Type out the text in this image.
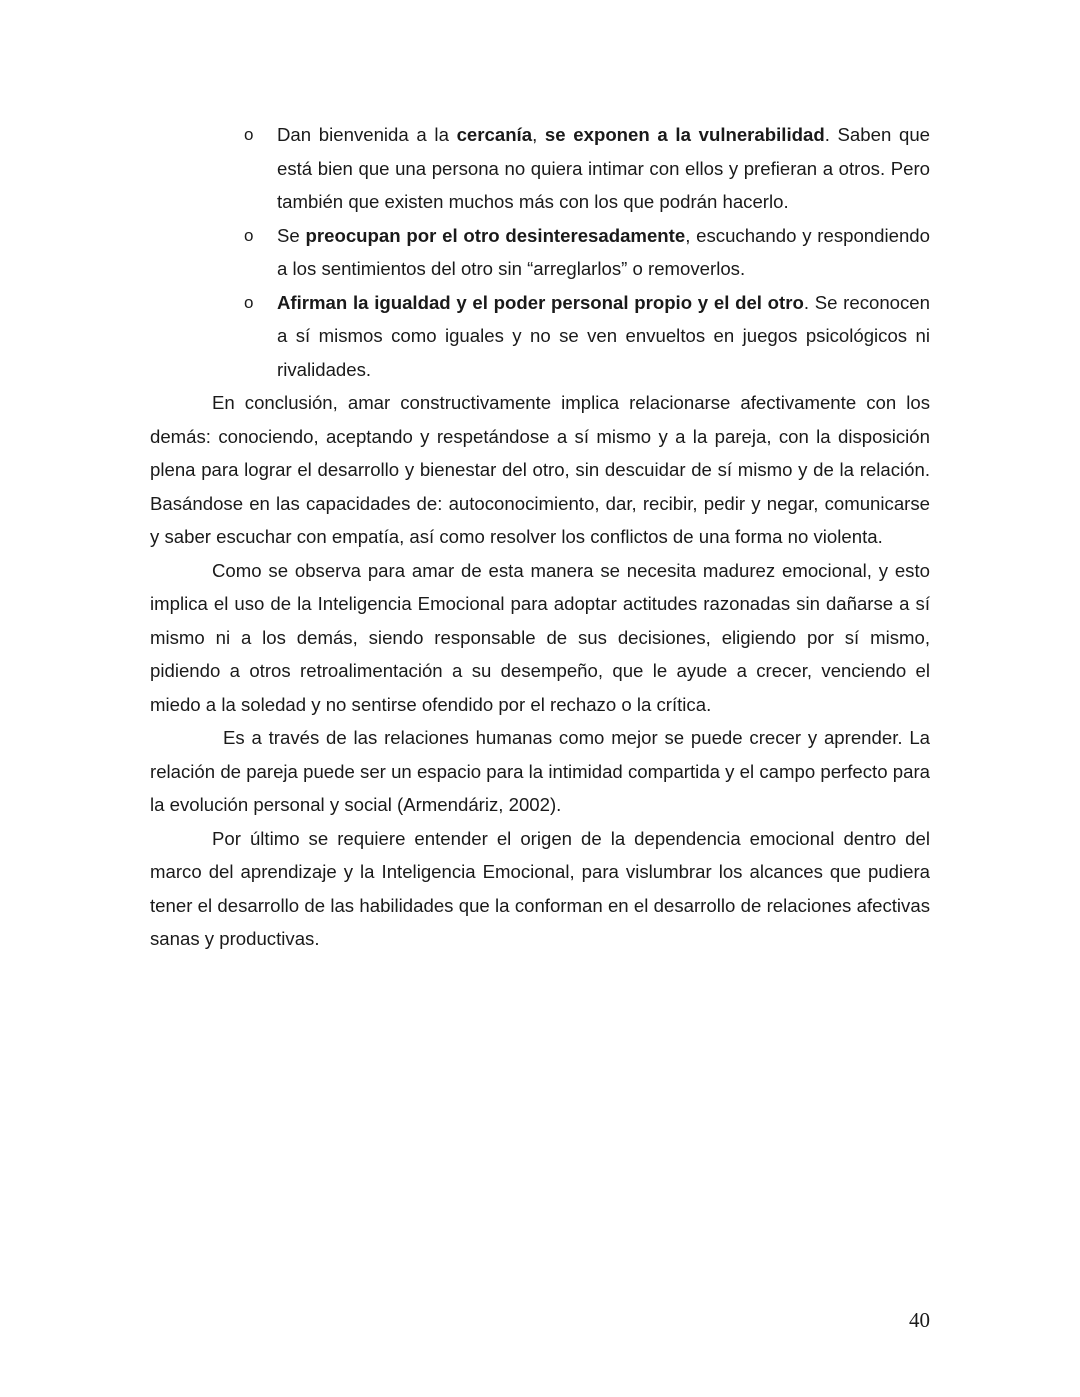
o Dan bienvenida a la cercanía, se exponen a la vulnerabilidad. Saben que está bien que una persona no quiera intimar con ellos y prefieran a otros. Pero también que existen muchos más con los que podrán hacerlo.
o Se preocupan por el otro desinteresadamente, escuchando y respondiendo a los sentimientos del otro sin “arreglarlos” o removerlos.
o Afirman la igualdad y el poder personal propio y el del otro. Se reconocen a sí mismos como iguales y no se ven envueltos en juegos psicológicos ni rivalidades.

En conclusión, amar constructivamente implica relacionarse afectivamente con los demás: conociendo, aceptando y respetándose a sí mismo y a la pareja, con la disposición plena para lograr el desarrollo y bienestar del otro, sin descuidar de sí mismo y de la relación. Basándose en las capacidades de: autoconocimiento, dar, recibir, pedir y negar, comunicarse y saber escuchar con empatía, así como resolver los conflictos de una forma no violenta.

Como se observa para amar de esta manera se necesita madurez emocional, y esto implica el uso de la Inteligencia Emocional para adoptar actitudes razonadas sin dañarse a sí mismo ni a los demás, siendo responsable de sus decisiones, eligiendo por sí mismo, pidiendo a otros retroalimentación a su desempeño, que le ayude a crecer, venciendo el miedo a la soledad y no sentirse ofendido por el rechazo o la crítica.

Es a través de las relaciones humanas como mejor se puede crecer y aprender. La relación de pareja puede ser un espacio para la intimidad compartida y el campo perfecto para la evolución personal y social (Armendáriz, 2002).

Por último se requiere entender el origen de la dependencia emocional dentro del marco del aprendizaje y la Inteligencia Emocional, para vislumbrar los alcances que pudiera tener el desarrollo de las habilidades que la conforman en el desarrollo de relaciones afectivas sanas y productivas.

40
